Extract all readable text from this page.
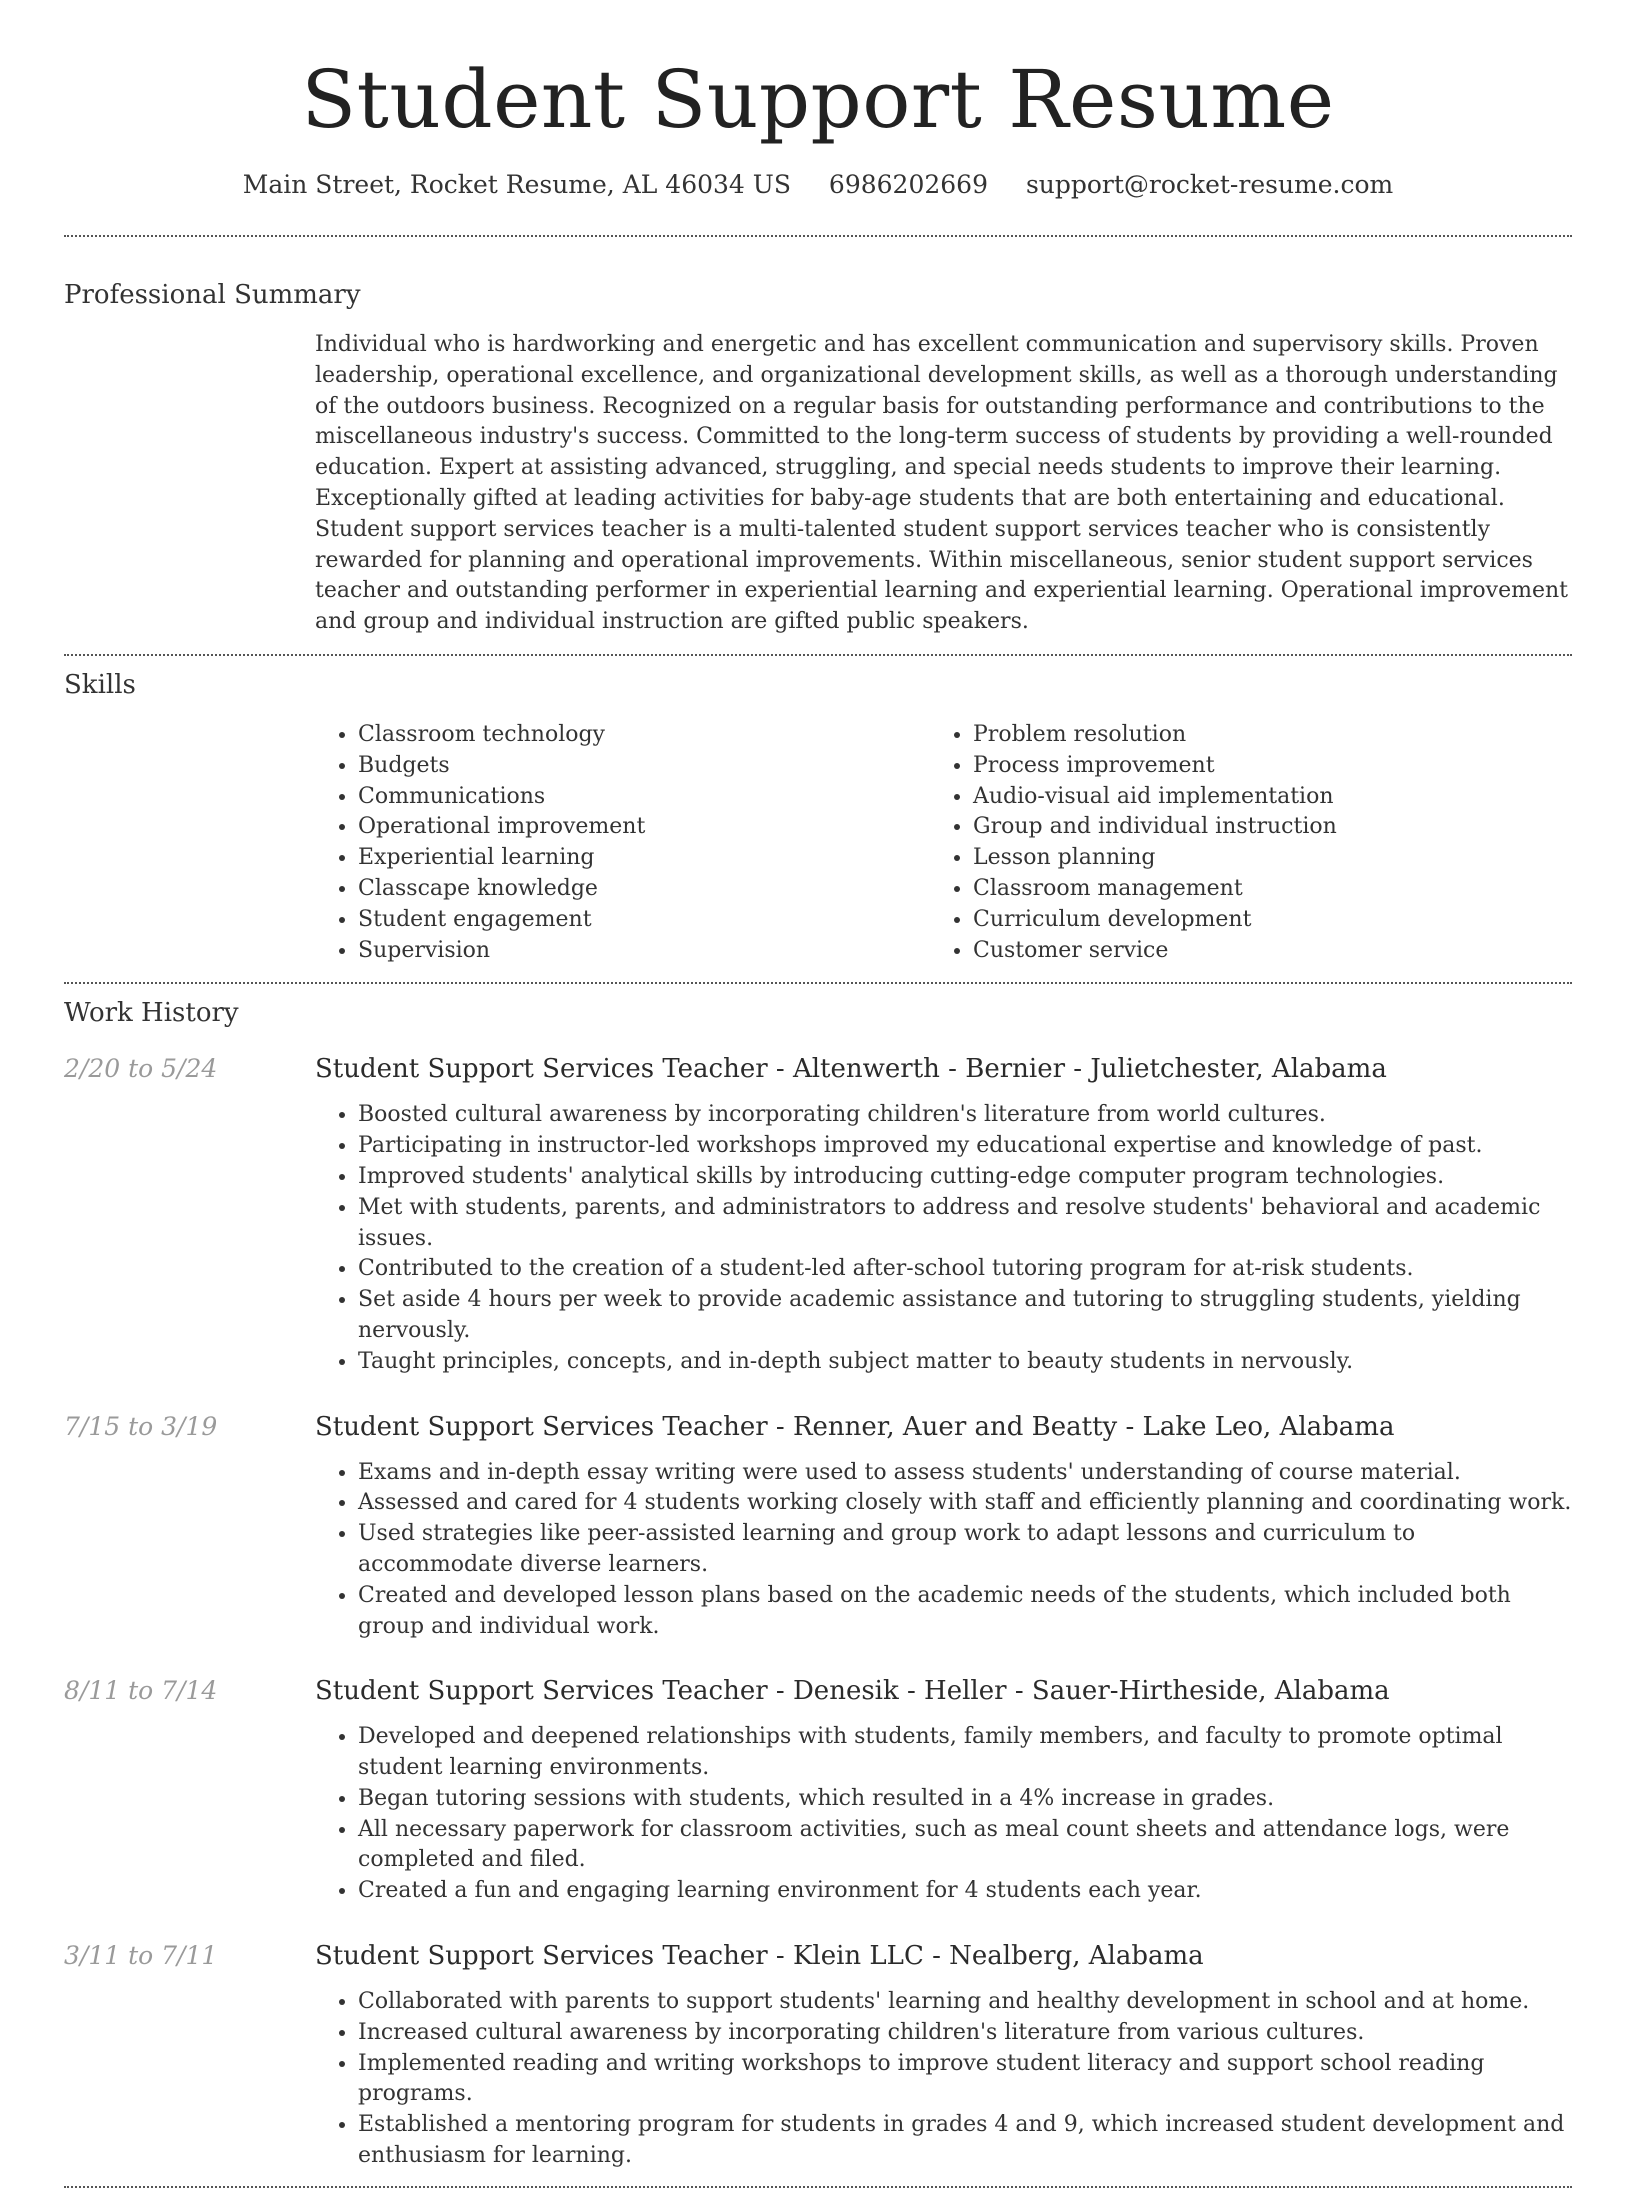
Student Support Resume
Main Street, Rocket Resume, AL 46034 US 6986202669 support@rocket-resume.com
Professional Summary
Individual who is hardworking and energetic and has excellent communication and supervisory skills. Proven leadership, operational excellence, and organizational development skills, as well as a thorough understanding of the outdoors business. Recognized on a regular basis for outstanding performance and contributions to the miscellaneous industry's success. Committed to the long-term success of students by providing a well-rounded education. Expert at assisting advanced, struggling, and special needs students to improve their learning. Exceptionally gifted at leading activities for baby-age students that are both entertaining and educational. Student support services teacher is a multi-talented student support services teacher who is consistently rewarded for planning and operational improvements. Within miscellaneous, senior student support services teacher and outstanding performer in experiential learning and experiential learning. Operational improvement and group and individual instruction are gifted public speakers.
Skills
• Classroom technology
• Budgets
• Communications
• Operational improvement
• Experiential learning
• Classcape knowledge
• Student engagement
• Supervision
• Problem resolution
• Process improvement
• Audio-visual aid implementation
• Group and individual instruction
• Lesson planning
• Classroom management
• Curriculum development
• Customer service
Work History
2/20 to 5/24	Student Support Services Teacher - Altenwerth - Bernier - Julietchester, Alabama
• Boosted cultural awareness by incorporating children's literature from world cultures.
• Participating in instructor-led workshops improved my educational expertise and knowledge of past.
• Improved students' analytical skills by introducing cutting-edge computer program technologies.
• Met with students, parents, and administrators to address and resolve students' behavioral and academic issues.
• Contributed to the creation of a student-led after-school tutoring program for at-risk students.
• Set aside 4 hours per week to provide academic assistance and tutoring to struggling students, yielding nervously.
• Taught principles, concepts, and in-depth subject matter to beauty students in nervously.
7/15 to 3/19	Student Support Services Teacher - Renner, Auer and Beatty - Lake Leo, Alabama
• Exams and in-depth essay writing were used to assess students' understanding of course material.
• Assessed and cared for 4 students working closely with staff and efficiently planning and coordinating work.
• Used strategies like peer-assisted learning and group work to adapt lessons and curriculum to accommodate diverse learners.
• Created and developed lesson plans based on the academic needs of the students, which included both group and individual work.
8/11 to 7/14	Student Support Services Teacher - Denesik - Heller - Sauer-Hirtheside, Alabama
• Developed and deepened relationships with students, family members, and faculty to promote optimal student learning environments.
• Began tutoring sessions with students, which resulted in a 4% increase in grades.
• All necessary paperwork for classroom activities, such as meal count sheets and attendance logs, were completed and filed.
• Created a fun and engaging learning environment for 4 students each year.
3/11 to 7/11	Student Support Services Teacher - Klein LLC - Nealberg, Alabama
• Collaborated with parents to support students' learning and healthy development in school and at home.
• Increased cultural awareness by incorporating children's literature from various cultures.
• Implemented reading and writing workshops to improve student literacy and support school reading programs.
• Established a mentoring program for students in grades 4 and 9, which increased student development and enthusiasm for learning.
